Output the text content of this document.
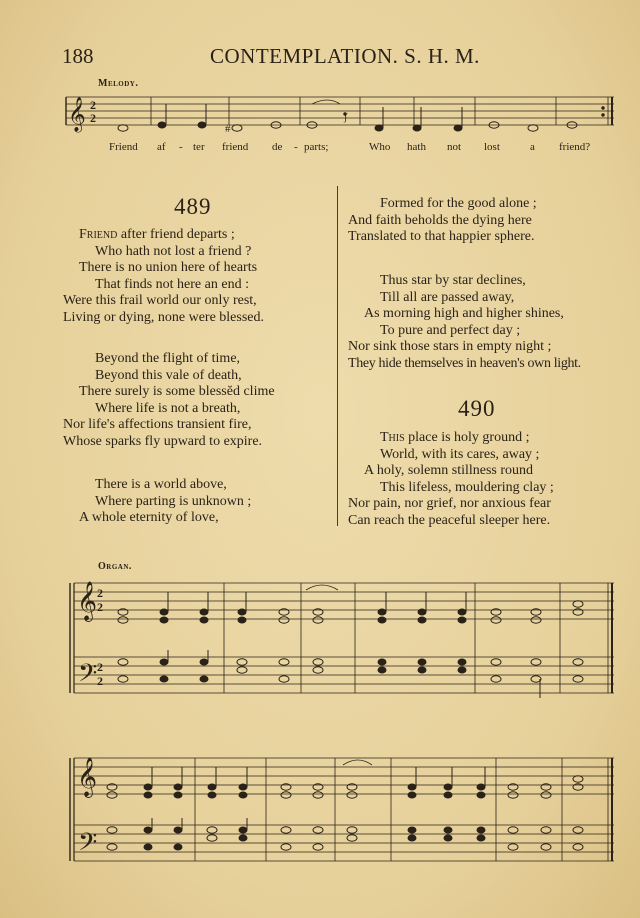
188	CONTEMPLATION. S. H. M.
Melody.
𝄞 2
2
#
ʃ
𝄞 2
2
𝄢 2
2
𝄞
𝄢
Friend af - ter friend de - parts;	Who hath not lost	a friend?
489
Friend after friend departs ;
Who hath not lost a friend ?
There is no union here of hearts
That finds not here an end :
Were this frail world our only rest,
Living or dying, none were blessed.
Beyond the flight of time,
Beyond this vale of death,
There surely is some blessĕd clime
Where life is not a breath,
Nor life's affections transient fire,
Whose sparks fly upward to expire.
There is a world above,
Where parting is unknown ;
A whole eternity of love,
Formed for the good alone ;
And faith beholds the dying here
Translated to that happier sphere.
Thus star by star declines,
Till all are passed away,
As morning high and higher shines,
To pure and perfect day ;
Nor sink those stars in empty night ;
They hide themselves in heaven's own light.
490
This place is holy ground ;
World, with its cares, away ;
A holy, solemn stillness round
This lifeless, mouldering clay ;
Nor pain, nor grief, nor anxious fear
Can reach the peaceful sleeper here.
Organ.
